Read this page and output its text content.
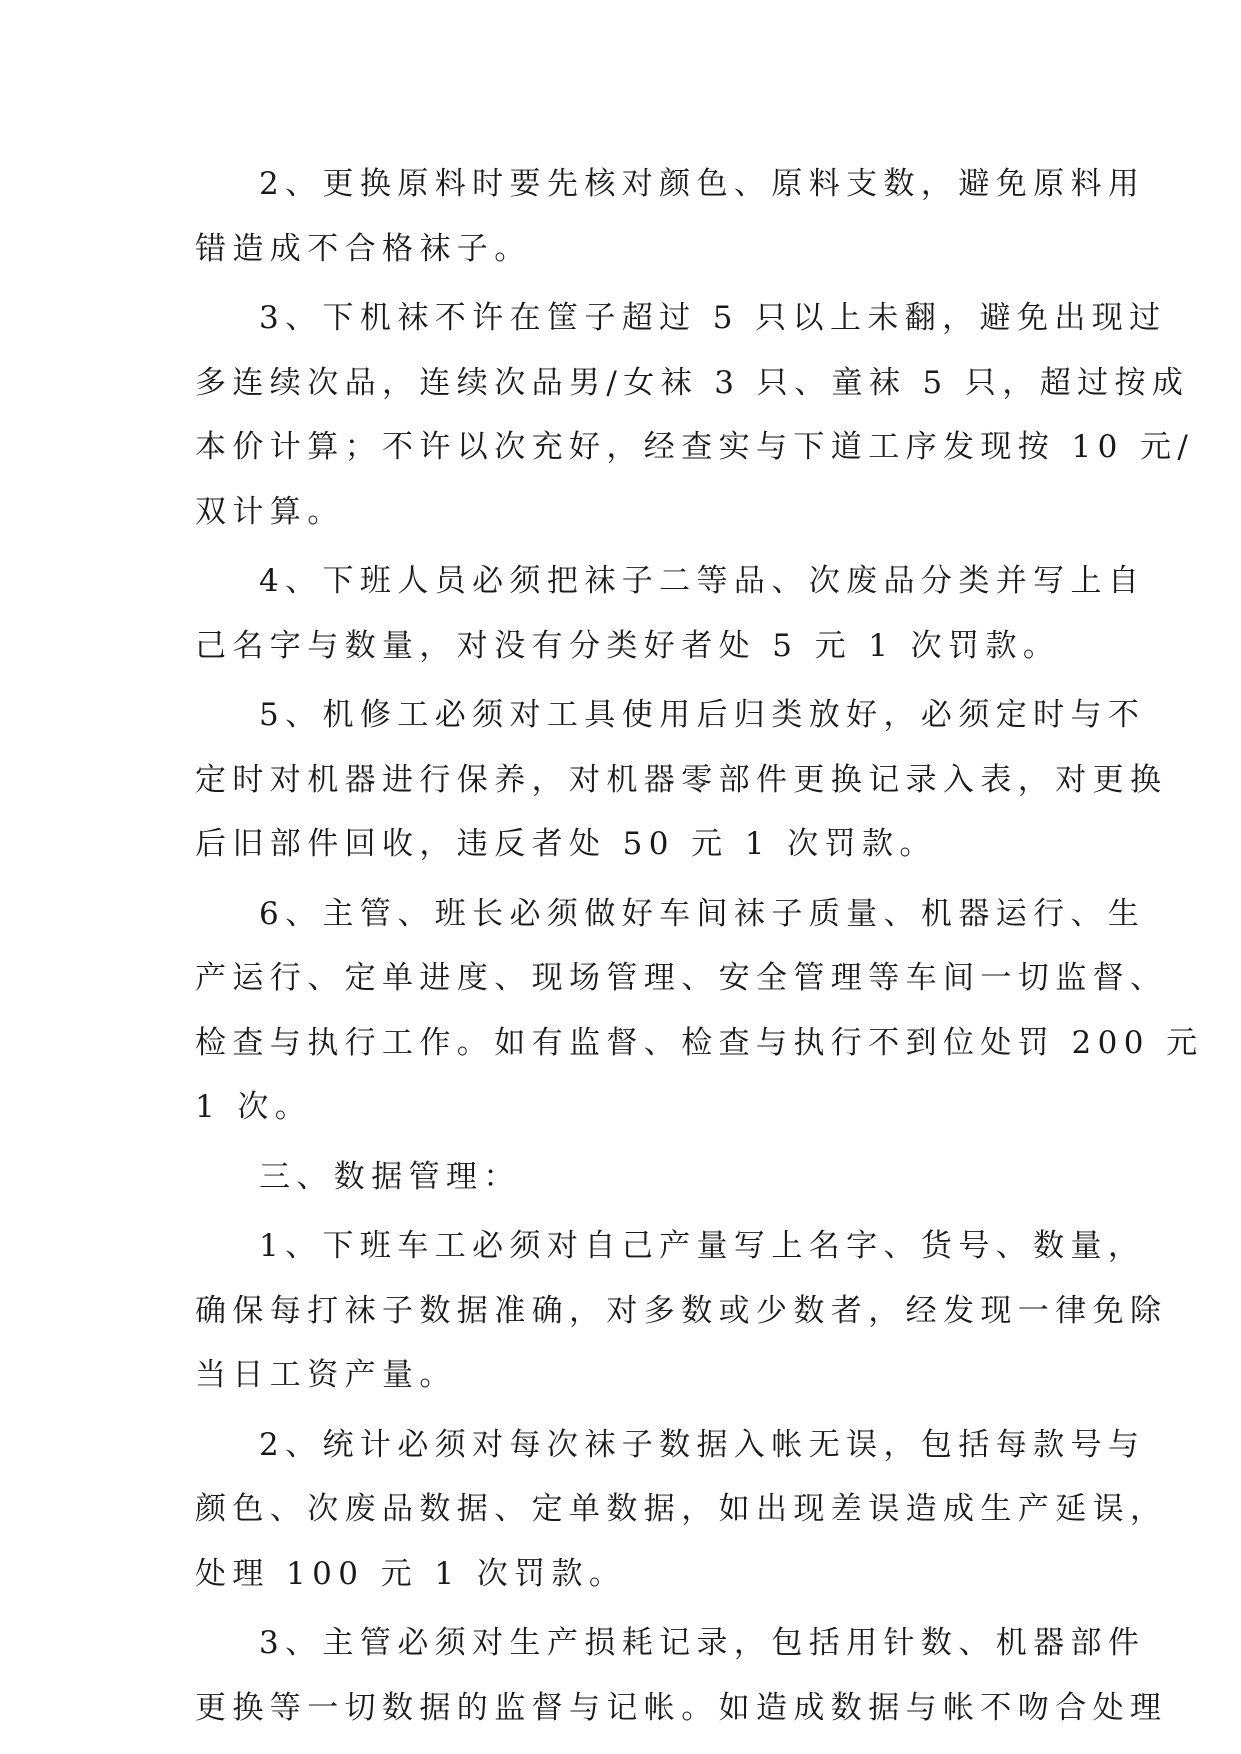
2、更换原料时要先核对颜色、原料支数，避免原料用
错造成不合格袜子。
3、下机袜不许在筐子超过 5 只以上未翻，避免出现过
多连续次品，连续次品男/女袜 3 只、童袜 5 只，超过按成
本价计算；不许以次充好，经查实与下道工序发现按 10 元/
双计算。
4、下班人员必须把袜子二等品、次废品分类并写上自
己名字与数量，对没有分类好者处 5 元 1 次罚款。
5、机修工必须对工具使用后归类放好，必须定时与不
定时对机器进行保养，对机器零部件更换记录入表，对更换
后旧部件回收，违反者处 50 元 1 次罚款。
6、主管、班长必须做好车间袜子质量、机器运行、生
产运行、定单进度、现场管理、安全管理等车间一切监督、
检查与执行工作。如有监督、检查与执行不到位处罚 200 元
1 次。
三、数据管理：
1、下班车工必须对自己产量写上名字、货号、数量，
确保每打袜子数据准确，对多数或少数者，经发现一律免除
当日工资产量。
2、统计必须对每次袜子数据入帐无误，包括每款号与
颜色、次废品数据、定单数据，如出现差误造成生产延误，
处理 100 元 1 次罚款。
3、主管必须对生产损耗记录，包括用针数、机器部件
更换等一切数据的监督与记帐。如造成数据与帐不吻合处理
